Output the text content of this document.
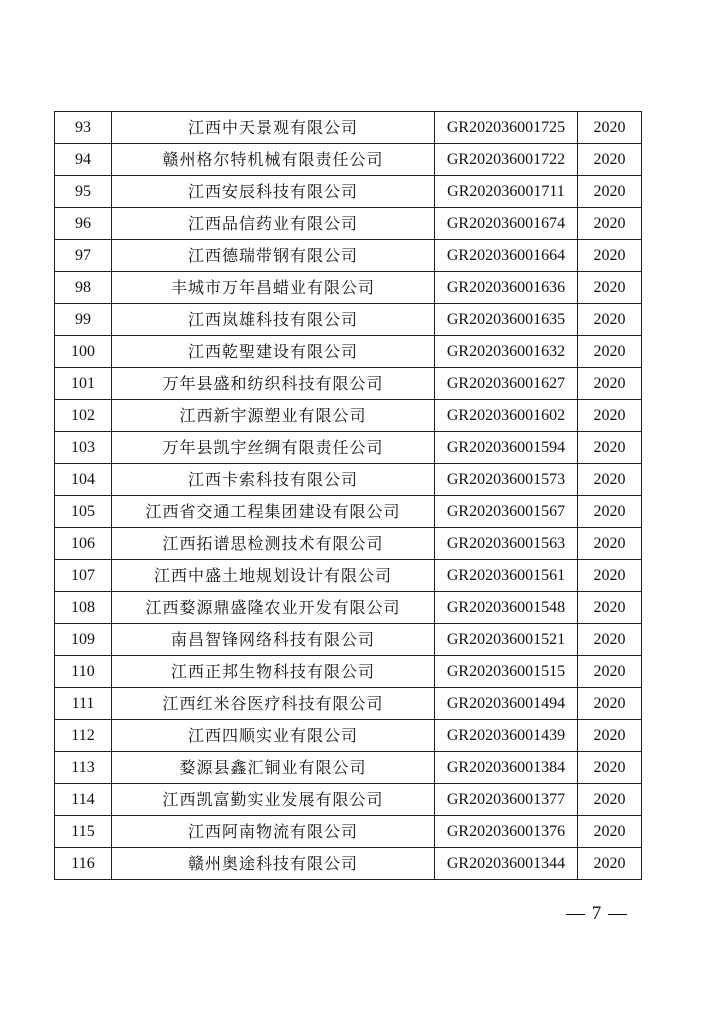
93	江西中天景观有限公司	GR202036001725	2020
94	赣州格尔特机械有限责任公司	GR202036001722	2020
95	江西安辰科技有限公司	GR202036001711	2020
96	江西品信药业有限公司	GR202036001674	2020
97	江西德瑞带钢有限公司	GR202036001664	2020
98	丰城市万年昌蜡业有限公司	GR202036001636	2020
99	江西岚雄科技有限公司	GR202036001635	2020
100	江西乾聖建设有限公司	GR202036001632	2020
101	万年县盛和纺织科技有限公司	GR202036001627	2020
102	江西新宇源塑业有限公司	GR202036001602	2020
103	万年县凯宇丝绸有限责任公司	GR202036001594	2020
104	江西卡索科技有限公司	GR202036001573	2020
105	江西省交通工程集团建设有限公司	GR202036001567	2020
106	江西拓谱思检测技术有限公司	GR202036001563	2020
107	江西中盛土地规划设计有限公司	GR202036001561	2020
108	江西婺源鼎盛隆农业开发有限公司	GR202036001548	2020
109	南昌智锋网络科技有限公司	GR202036001521	2020
110	江西正邦生物科技有限公司	GR202036001515	2020
111	江西红米谷医疗科技有限公司	GR202036001494	2020
112	江西四顺实业有限公司	GR202036001439	2020
113	婺源县鑫汇铜业有限公司	GR202036001384	2020
114	江西凯富勤实业发展有限公司	GR202036001377	2020
115	江西阿南物流有限公司	GR202036001376	2020
116	赣州奥途科技有限公司	GR202036001344	2020
— 7 —
